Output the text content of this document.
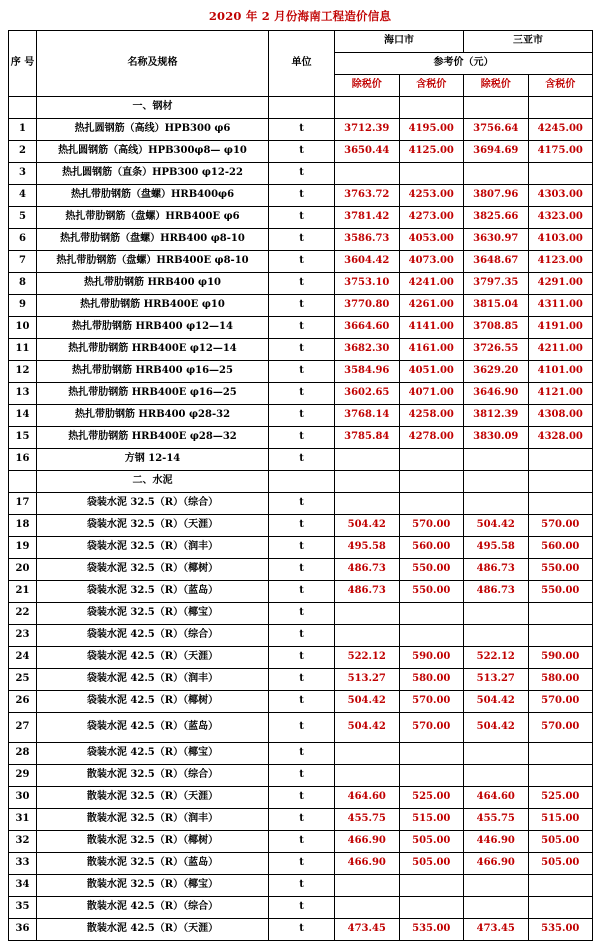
2020 年 2 月份海南工程造价信息
序 号	名称及规格	单位	海口市		三亚市	
			参考价（元）			
			除税价	含税价	除税价	含税价
	一、钢材					
1	热扎圆钢筋（高线）HPB300 φ6	t	3712.39	4195.00	3756.64	4245.00
2	热扎圆钢筋（高线）HPB300φ8— φ10	t	3650.44	4125.00	3694.69	4175.00
3	热扎圆钢筋（直条）HPB300 φ12-22	t				
4	热扎带肋钢筋（盘螺）HRB400φ6	t	3763.72	4253.00	3807.96	4303.00
5	热扎带肋钢筋（盘螺）HRB400E φ6	t	3781.42	4273.00	3825.66	4323.00
6	热扎带肋钢筋（盘螺）HRB400 φ8-10	t	3586.73	4053.00	3630.97	4103.00
7	热扎带肋钢筋（盘螺）HRB400E φ8-10	t	3604.42	4073.00	3648.67	4123.00
8	热扎带肋钢筋 HRB400 φ10	t	3753.10	4241.00	3797.35	4291.00
9	热扎带肋钢筋 HRB400E φ10	t	3770.80	4261.00	3815.04	4311.00
10	热扎带肋钢筋 HRB400 φ12—14	t	3664.60	4141.00	3708.85	4191.00
11	热扎带肋钢筋 HRB400E φ12—14	t	3682.30	4161.00	3726.55	4211.00
12	热扎带肋钢筋 HRB400 φ16—25	t	3584.96	4051.00	3629.20	4101.00
13	热扎带肋钢筋 HRB400E φ16—25	t	3602.65	4071.00	3646.90	4121.00
14	热扎带肋钢筋 HRB400 φ28-32	t	3768.14	4258.00	3812.39	4308.00
15	热扎带肋钢筋 HRB400E φ28—32	t	3785.84	4278.00	3830.09	4328.00
16	方钢 12-14	t				
	二、水泥					
17	袋装水泥 32.5（R）（综合）	t				
18	袋装水泥 32.5（R）（天涯）	t	504.42	570.00	504.42	570.00
19	袋装水泥 32.5（R）（润丰）	t	495.58	560.00	495.58	560.00
20	袋装水泥 32.5（R）（椰树）	t	486.73	550.00	486.73	550.00
21	袋装水泥 32.5（R）（蓝岛）	t	486.73	550.00	486.73	550.00
22	袋装水泥 32.5（R）（椰宝）	t				
23	袋装水泥 42.5（R）（综合）	t				
24	袋装水泥 42.5（R）（天涯）	t	522.12	590.00	522.12	590.00
25	袋装水泥 42.5（R）（润丰）	t	513.27	580.00	513.27	580.00
26	袋装水泥 42.5（R）（椰树）	t	504.42	570.00	504.42	570.00
27	袋装水泥 42.5（R）（蓝岛）	t	504.42	570.00	504.42	570.00
28	袋装水泥 42.5（R）（椰宝）	t				
29	散装水泥 32.5（R）（综合）	t				
30	散装水泥 32.5（R）（天涯）	t	464.60	525.00	464.60	525.00
31	散装水泥 32.5（R）（润丰）	t	455.75	515.00	455.75	515.00
32	散装水泥 32.5（R）（椰树）	t	466.90	505.00	446.90	505.00
33	散装水泥 32.5（R）（蓝岛）	t	466.90	505.00	466.90	505.00
34	散装水泥 32.5（R）（椰宝）	t				
35	散装水泥 42.5（R）（综合）	t				
36	散装水泥 42.5（R）（天涯）	t	473.45	535.00	473.45	535.00
